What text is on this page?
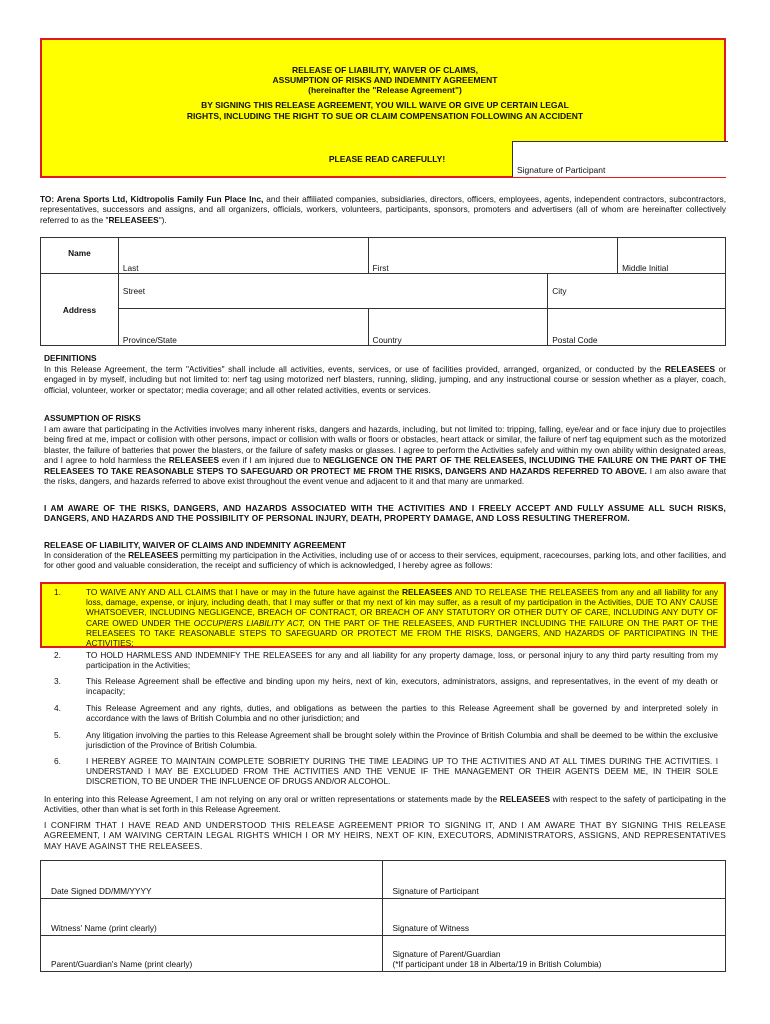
RELEASE OF LIABILITY, WAIVER OF CLAIMS,
ASSUMPTION OF RISKS AND INDEMNITY AGREEMENT
(hereinafter the "Release Agreement")
BY SIGNING THIS RELEASE AGREEMENT, YOU WILL WAIVE OR GIVE UP CERTAIN LEGAL
RIGHTS, INCLUDING THE RIGHT TO SUE OR CLAIM COMPENSATION FOLLOWING AN ACCIDENT
PLEASE READ CAREFULLY!
Signature of Participant
TO: Arena Sports Ltd, Kidtropolis Family Fun Place Inc, and their affiliated companies, subsidiaries, directors, officers, employees, agents, independent contractors, subcontractors, representatives, successors and assigns, and all organizers, officials, workers, volunteers, participants, sponsors, promoters and advertisers (all of whom are hereinafter collectively referred to as the "RELEASEES").
Name	Last	First		Middle Initial
Address	Street		City	
	Province/State	Country	Postal Code	
DEFINITIONS
In this Release Agreement, the term "Activities" shall include all activities, events, services, or use of facilities provided, arranged, organized, or conducted by the RELEASEES or engaged in by myself, including but not limited to: nerf tag using motorized nerf blasters, running, sliding, jumping, and any instructional course or session whether as a player, coach, official, volunteer, worker or spectator; media coverage; and all other related activities, events or services.
ASSUMPTION OF RISKS
I am aware that participating in the Activities involves many inherent risks, dangers and hazards, including, but not limited to: tripping, falling, eye/ear and or face injury due to projectiles being fired at me, impact or collision with other persons, impact or collision with walls or floors or obstacles, heart attack or similar, the failure of nerf tag equipment such as the motorized blaster, the failure of batteries that power the blasters, or the failure of safety masks or glasses. I agree to perform the Activities safely and within my own ability within designated areas, and I agree to hold harmless the RELEASEES even if I am injured due to NEGLIGENCE ON THE PART OF THE RELEASEES, INCLUDING THE FAILURE ON THE PART OF THE RELEASEES TO TAKE REASONABLE STEPS TO SAFEGUARD OR PROTECT ME FROM THE RISKS, DANGERS AND HAZARDS REFERRED TO ABOVE. I am also aware that the risks, dangers, and hazards referred to above exist throughout the event venue and adjacent to it and that many are unmarked.
I AM AWARE OF THE RISKS, DANGERS, AND HAZARDS ASSOCIATED WITH THE ACTIVITIES AND I FREELY ACCEPT AND FULLY ASSUME ALL SUCH RISKS, DANGERS, AND HAZARDS AND THE POSSIBILITY OF PERSONAL INJURY, DEATH, PROPERTY DAMAGE, AND LOSS RESULTING THEREFROM.
RELEASE OF LIABILITY, WAIVER OF CLAIMS AND INDEMNITY AGREEMENT
In consideration of the RELEASEES permitting my participation in the Activities, including use of or access to their services, equipment, racecourses, parking lots, and other facilities, and for other good and valuable consideration, the receipt and sufficiency of which is acknowledged, I hereby agree as follows:
1.	TO WAIVE ANY AND ALL CLAIMS that I have or may in the future have against the RELEASEES AND TO RELEASE THE RELEASEES from any and all liability for any loss, damage, expense, or injury, including death, that I may suffer or that my next of kin may suffer, as a result of my participation in the Activities, DUE TO ANY CAUSE WHATSOEVER, INCLUDING NEGLIGENCE, BREACH OF CONTRACT, OR BREACH OF ANY STATUTORY OR OTHER DUTY OF CARE, INCLUDING ANY DUTY OF CARE OWED UNDER THE OCCUPIERS LIABILITY ACT, ON THE PART OF THE RELEASEES, AND FURTHER INCLUDING THE FAILURE ON THE PART OF THE RELEASEES TO TAKE REASONABLE STEPS TO SAFEGUARD OR PROTECT ME FROM THE RISKS, DANGERS, AND HAZARDS OF PARTICIPATING IN THE ACTIVITIES;
2.	TO HOLD HARMLESS AND INDEMNIFY THE RELEASEES for any and all liability for any property damage, loss, or personal injury to any third party resulting from my participation in the Activities;
3.	This Release Agreement shall be effective and binding upon my heirs, next of kin, executors, administrators, assigns, and representatives, in the event of my death or incapacity;
4.	This Release Agreement and any rights, duties, and obligations as between the parties to this Release Agreement shall be governed by and interpreted solely in accordance with the laws of British Columbia and no other jurisdiction; and
5.	Any litigation involving the parties to this Release Agreement shall be brought solely within the Province of British Columbia and shall be deemed to be within the exclusive jurisdiction of the Province of British Columbia.
6.	I HEREBY AGREE TO MAINTAIN COMPLETE SOBRIETY DURING THE TIME LEADING UP TO THE ACTIVITIES AND AT ALL TIMES DURING THE ACTIVITIES. I UNDERSTAND I MAY BE EXCLUDED FROM THE ACTIVITIES AND THE VENUE IF THE MANAGEMENT OR THEIR AGENTS DEEM ME, IN THEIR SOLE DISCRETION, TO BE UNDER THE INFLUENCE OF DRUGS AND/OR ALCOHOL.
In entering into this Release Agreement, I am not relying on any oral or written representations or statements made by the RELEASEES with respect to the safety of participating in the Activities, other than what is set forth in this Release Agreement.
I CONFIRM THAT I HAVE READ AND UNDERSTOOD THIS RELEASE AGREEMENT PRIOR TO SIGNING IT, AND I AM AWARE THAT BY SIGNING THIS RELEASE AGREEMENT, I AM WAIVING CERTAIN LEGAL RIGHTS WHICH I OR MY HEIRS, NEXT OF KIN, EXECUTORS, ADMINISTRATORS, ASSIGNS, AND REPRESENTATIVES MAY HAVE AGAINST THE RELEASEES.
Date Signed DD/MM/YYYY	Signature of Participant
Witness' Name (print clearly)	Signature of Witness
Parent/Guardian's Name (print clearly)	Signature of Parent/Guardian
(*If participant under 18 in Alberta/19 in British Columbia)
